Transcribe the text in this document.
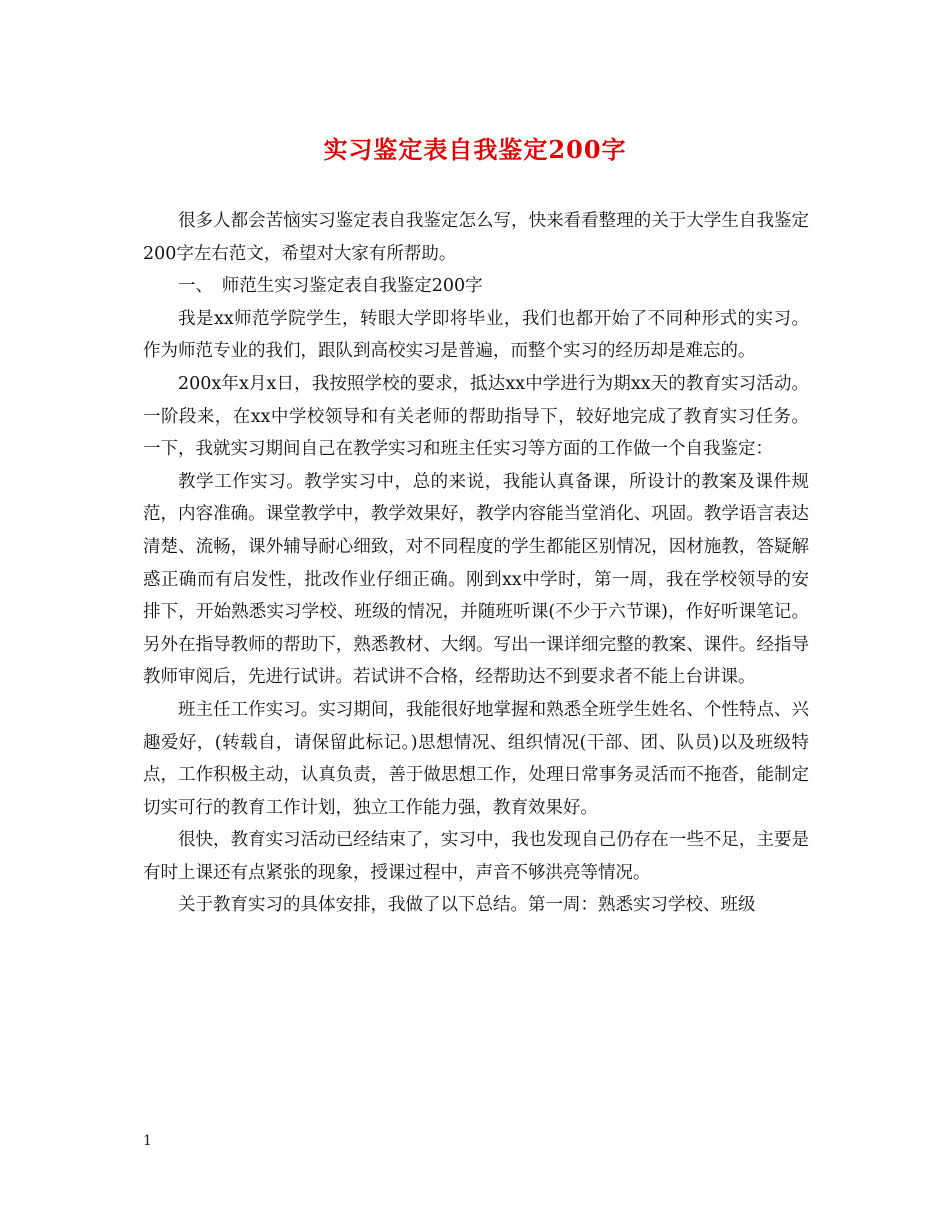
实习鉴定表自我鉴定200字

很多人都会苦恼实习鉴定表自我鉴定怎么写，快来看看整理的关于大学生自我鉴定200字左右范文，希望对大家有所帮助。

一、　师范生实习鉴定表自我鉴定200字

我是xx师范学院学生，转眼大学即将毕业，我们也都开始了不同种形式的实习。作为师范专业的我们，跟队到高校实习是普遍，而整个实习的经历却是难忘的。

200x年x月x日，我按照学校的要求，抵达xx中学进行为期xx天的教育实习活动。一阶段来，在xx中学校领导和有关老师的帮助指导下，较好地完成了教育实习任务。一下，我就实习期间自己在教学实习和班主任实习等方面的工作做一个自我鉴定：

教学工作实习。教学实习中，总的来说，我能认真备课，所设计的教案及课件规范，内容准确。课堂教学中，教学效果好，教学内容能当堂消化、巩固。教学语言表达清楚、流畅，课外辅导耐心细致，对不同程度的学生都能区别情况，因材施教，答疑解惑正确而有启发性，批改作业仔细正确。刚到xx中学时，第一周，我在学校领导的安排下，开始熟悉实习学校、班级的情况，并随班听课(不少于六节课)，作好听课笔记。另外在指导教师的帮助下，熟悉教材、大纲。写出一课详细完整的教案、课件。经指导教师审阅后，先进行试讲。若试讲不合格，经帮助达不到要求者不能上台讲课。

班主任工作实习。实习期间，我能很好地掌握和熟悉全班学生姓名、个性特点、兴趣爱好，(转载自，请保留此标记。)思想情况、组织情况(干部、团、队员)以及班级特点，工作积极主动，认真负责，善于做思想工作，处理日常事务灵活而不拖沓，能制定切实可行的教育工作计划，独立工作能力强，教育效果好。

很快，教育实习活动已经结束了，实习中，我也发现自己仍存在一些不足，主要是有时上课还有点紧张的现象，授课过程中，声音不够洪亮等情况。

关于教育实习的具体安排，我做了以下总结。第一周：熟悉实习学校、班级

1
